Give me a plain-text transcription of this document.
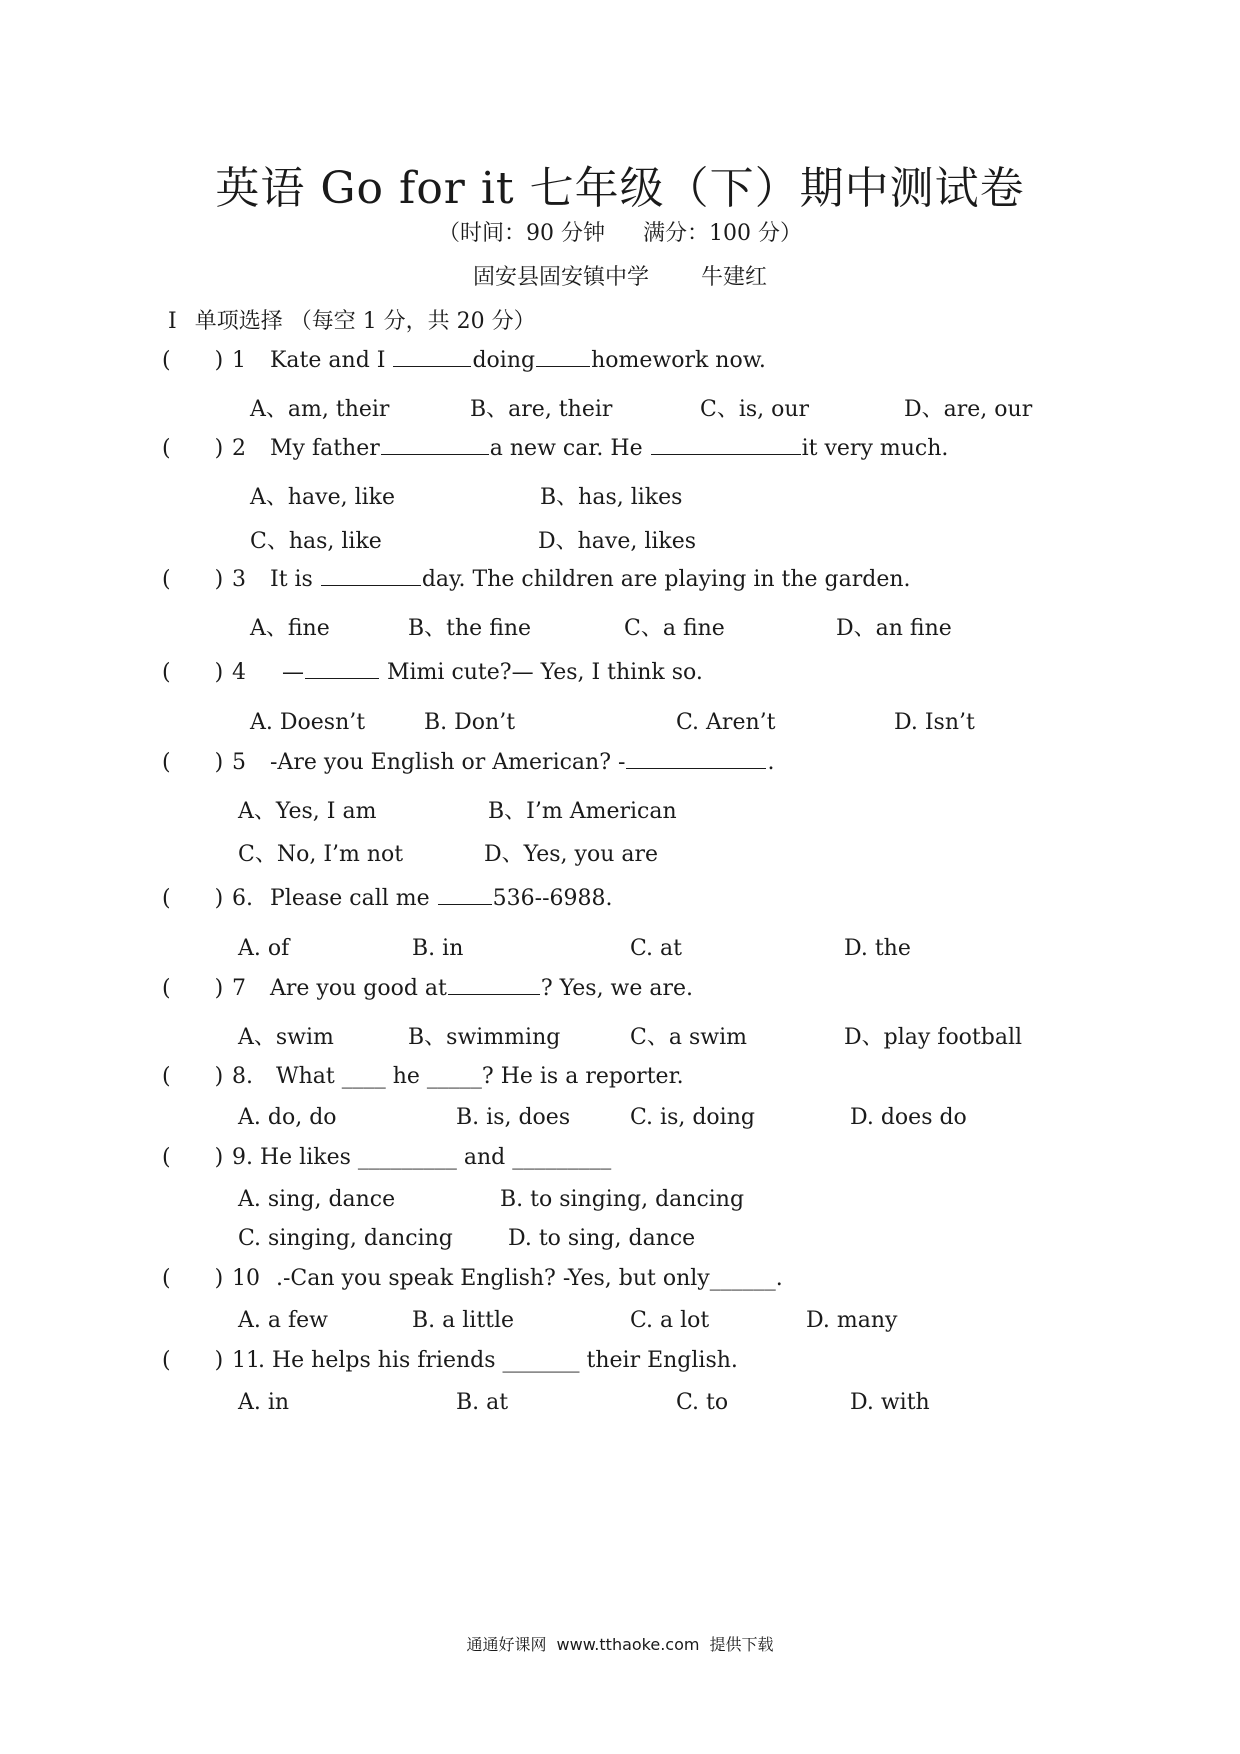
英语 Go for it 七年级（下）期中测试卷
（时间：90 分钟 满分：100 分）
固安县固安镇中学 牛建红
I 单项选择 （每空 1 分，共 20 分）
( ) 1 Kate and I	doing	homework now.
A、am, their	B、are, their	C、is, our	D、are, our
( ) 2 My father	a new car. He	it very much.
A、have, like	B、has, likes
C、has, like	D、have, likes
( ) 3 It is	day. The children are playing in the garden.
A、fine	B、the fine	C、a fine	D、an fine
( ) 4 —	Mimi cute?— Yes, I think so.
A. Doesn’t	B. Don’t	C. Aren’t	D. Isn’t
( ) 5 -Are you English or American? -	.
A、Yes, I am	B、I’m American
C、No, I’m not	D、Yes, you are
( ) 6. Please call me	536--6988.
A. of	B. in	C. at	D. the
( ) 7 Are you good at	? Yes, we are.
A、swim	B、swimming	C、a swim	D、play football
( ) 8. What ____ he _____? He is a reporter.
A. do, do	B. is, does	C. is, doing	D. does do
( ) 9. He likes _________ and _________
A. sing, dance	B. to singing, dancing
C. singing, dancing	D. to sing, dance
( ) 10 .-Can you speak English? -Yes, but only______.
A. a few	B. a little	C. a lot	D. many
( ) 11. He helps his friends _______ their English.
A. in	B. at	C. to	D. with
通通好课网 www.tthaoke.com 提供下载
